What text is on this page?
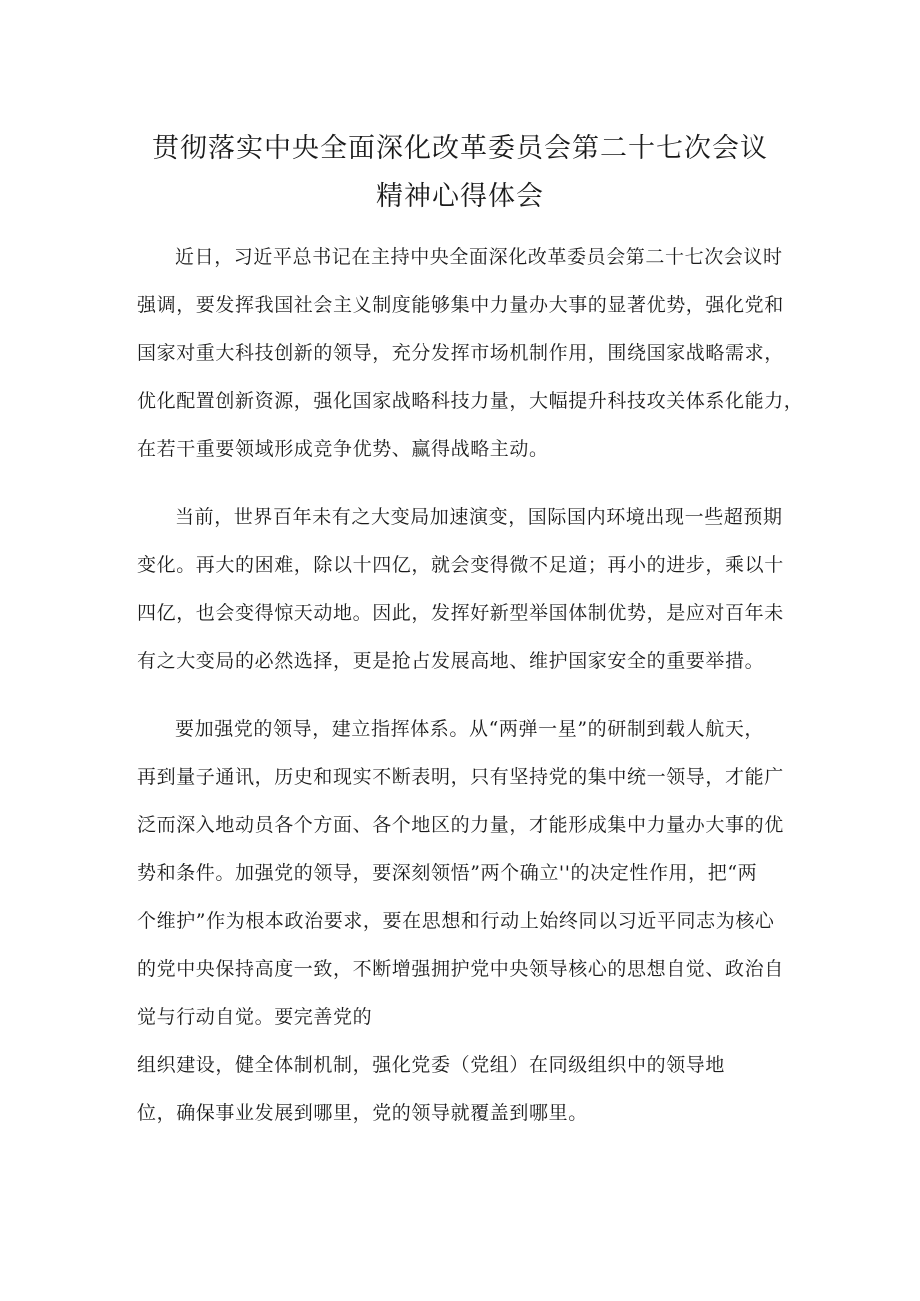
贯彻落实中央全面深化改革委员会第二十七次会议
精神心得体会
近日，习近平总书记在主持中央全面深化改革委员会第二十七次会议时
强调，要发挥我国社会主义制度能够集中力量办大事的显著优势，强化党和
国家对重大科技创新的领导，充分发挥市场机制作用，围绕国家战略需求，
优化配置创新资源，强化国家战略科技力量，大幅提升科技攻关体系化能力，
在若干重要领域形成竞争优势、赢得战略主动。
当前，世界百年未有之大变局加速演变，国际国内环境出现一些超预期
变化。再大的困难，除以十四亿，就会变得微不足道；再小的进步，乘以十
四亿，也会变得惊天动地。因此，发挥好新型举国体制优势，是应对百年未
有之大变局的必然选择，更是抢占发展高地、维护国家安全的重要举措。
要加强党的领导，建立指挥体系。从“两弹一星”的研制到载人航天，
再到量子通讯，历史和现实不断表明，只有坚持党的集中统一领导，才能广
泛而深入地动员各个方面、各个地区的力量，才能形成集中力量办大事的优
势和条件。加强党的领导，要深刻领悟”两个确立''的决定性作用，把“两
个维护”作为根本政治要求，要在思想和行动上始终同以习近平同志为核心
的党中央保持高度一致，不断增强拥护党中央领导核心的思想自觉、政治自
觉与行动自觉。要完善党的
组织建设，健全体制机制，强化党委（党组）在同级组织中的领导地
位，确保事业发展到哪里，党的领导就覆盖到哪里。
